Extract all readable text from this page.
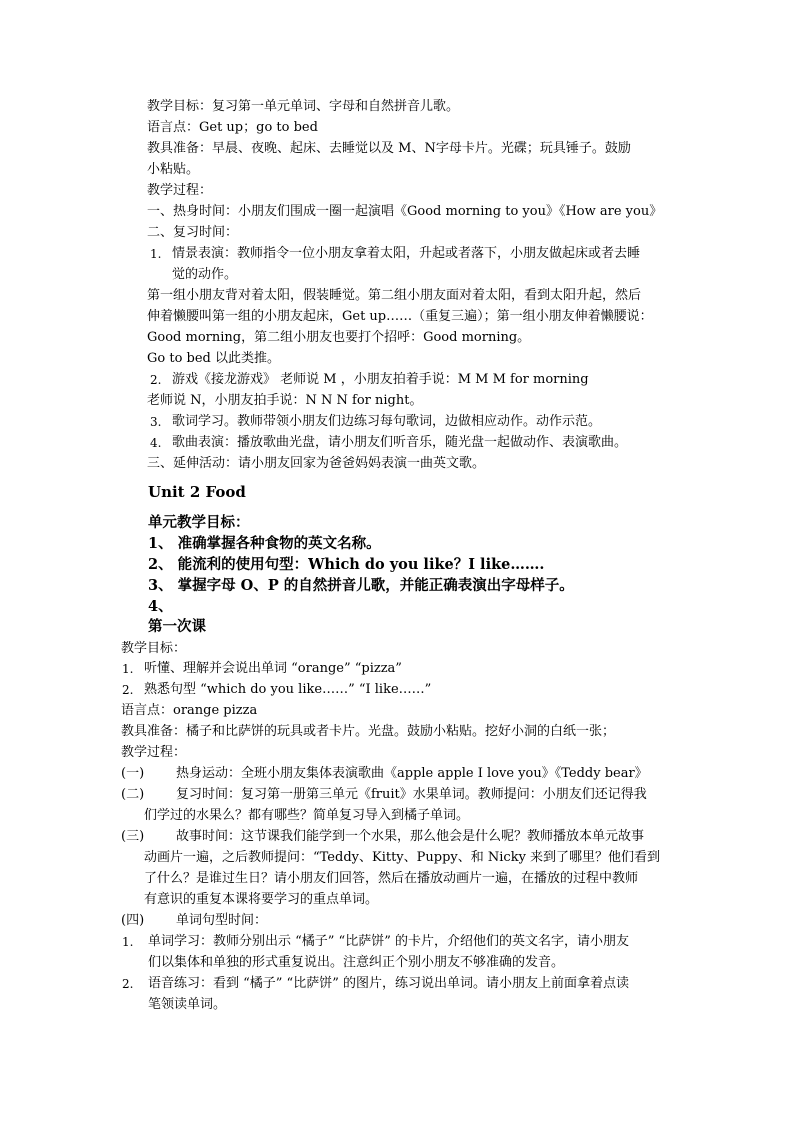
教学目标：复习第一单元单词、字母和自然拼音儿歌。
语言点：Get up；go to bed
教具准备：早晨、夜晚、起床、去睡觉以及 M、N字母卡片。光碟；玩具锤子。鼓励
小粘贴。
教学过程：
一、热身时间：小朋友们围成一圈一起演唱《Good morning to you》《How are you》
二、复习时间：
1. 情景表演：教师指令一位小朋友拿着太阳，升起或者落下，小朋友做起床或者去睡
觉的动作。
第一组小朋友背对着太阳，假装睡觉。第二组小朋友面对着太阳，看到太阳升起，然后
伸着懒腰叫第一组的小朋友起床，Get up……（重复三遍）；第一组小朋友伸着懒腰说：
Good morning，第二组小朋友也要打个招呼：Good morning。
Go to bed 以此类推。
2. 游戏《接龙游戏》 老师说 M ，小朋友拍着手说：M M M for morning
老师说 N，小朋友拍手说：N N N for night。
3. 歌词学习。教师带领小朋友们边练习每句歌词，边做相应动作。动作示范。
4. 歌曲表演：播放歌曲光盘，请小朋友们听音乐，随光盘一起做动作、表演歌曲。
三、延伸活动：请小朋友回家为爸爸妈妈表演一曲英文歌。
Unit 2 Food
单元教学目标：
1、 准确掌握各种食物的英文名称。
2、 能流利的使用句型：Which do you like？I like…….
3、 掌握字母 O、P 的自然拼音儿歌，并能正确表演出字母样子。
4、
第一次课
教学目标：
1. 听懂、理解并会说出单词 “orange” “pizza”
2. 熟悉句型 “which do you like……” “I like……”
语言点：orange pizza
教具准备：橘子和比萨饼的玩具或者卡片。光盘。鼓励小粘贴。挖好小洞的白纸一张；
教学过程：
(一) 热身运动：全班小朋友集体表演歌曲《apple apple I love you》《Teddy bear》
(二) 复习时间：复习第一册第三单元《fruit》水果单词。教师提问：小朋友们还记得我
们学过的水果么？都有哪些？简单复习导入到橘子单词。
(三) 故事时间：这节课我们能学到一个水果，那么他会是什么呢？教师播放本单元故事
动画片一遍，之后教师提问：“Teddy、Kitty、Puppy、和 Nicky 来到了哪里？他们看到
了什么？是谁过生日？请小朋友们回答，然后在播放动画片一遍，在播放的过程中教师
有意识的重复本课将要学习的重点单词。
(四) 单词句型时间：
1. 单词学习：教师分别出示 “橘子” “比萨饼” 的卡片，介绍他们的英文名字，请小朋友
们以集体和单独的形式重复说出。注意纠正个别小朋友不够准确的发音。
2. 语音练习：看到 “橘子” “比萨饼” 的图片，练习说出单词。请小朋友上前面拿着点读
笔领读单词。
